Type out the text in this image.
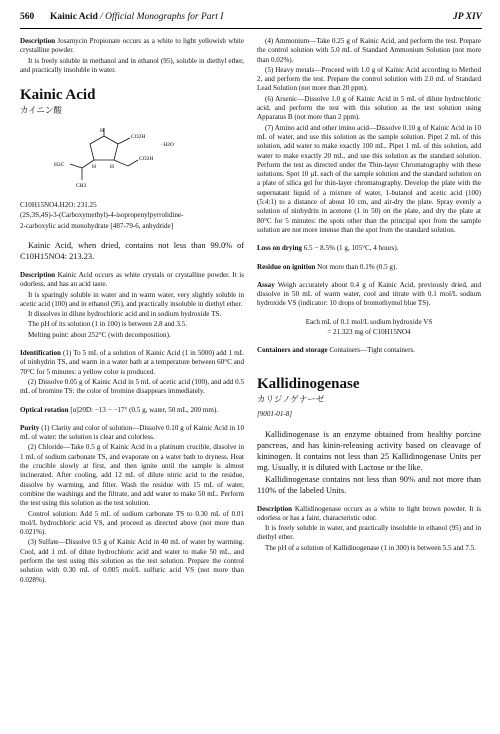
560 Kainic Acid / Official Monographs for Part I	JP XIV

Description Josamycin Propionate occurs as a white to light yellowish white crystalline powder.

It is freely soluble in methanol and in ethanol (95), soluble in diethyl ether, and practically insoluble in water.

Kainic Acid
カイニン酸
H
CO2H
· H2O
H	H
CO2H
H2C
CH3

C10H15NO4.H2O: 231.25

(2S,3S,4S)-3-(Carboxymethyl)-4-isopropenylpyrrolidine-

2-carboxylic acid monohydrate [487-79-6, anhydride]

Kainic Acid, when dried, contains not less than 99.0% of C10H15NO4: 213.23.

Description Kainic Acid occurs as white crystals or crystalline powder. It is odorless, and has an acid taste.

It is sparingly soluble in water and in warm water, very slightly soluble in acetic acid (100) and in ethanol (95), and practically insoluble in diethyl ether.

It dissolves in dilute hydrochloric acid and in sodium hydroxide TS.

The pH of its solution (1 in 100) is between 2.8 and 3.5.

Melting point: about 252°C (with decomposition).

Identification (1) To 5 mL of a solution of Kainic Acid (1 in 5000) add 1 mL of ninhydrin TS, and warm in a water bath at a temperature between 60°C and 70°C for 5 minutes: a yellow color is produced.

(2) Dissolve 0.05 g of Kainic Acid in 5 mL of acetic acid (100), and add 0.5 mL of bromine TS: the color of bromine disappears immediately.

Optical rotation [α]20D: −13 − −17° (0.5 g, water, 50 mL, 200 mm).

Purity (1) Clarity and color of solution—Dissolve 0.10 g of Kainic Acid in 10 mL of water: the solution is clear and colorless.

(2) Chloride—Take 0.5 g of Kainic Acid in a platinum crucible, dissolve in 1 mL of sodium carbonate TS, and evaporate on a water bath to dryness. Heat the crucible slowly at first, and then ignite until the sample is almost incinerated. After cooling, add 12 mL of dilute nitric acid to the residue, dissolve by warming, and filter. Wash the residue with 15 mL of water, combine the washings and the filtrate, and add water to make 50 mL. Perform the test using this solution as the test solution.

Control solution: Add 5 mL of sodium carbonate TS to 0.30 mL of 0.01 mol/L hydrochloric acid VS, and proceed as directed above (not more than 0.021%).

(3) Sulfate—Dissolve 0.5 g of Kainic Acid in 40 mL of water by warming. Cool, add 1 mL of dilute hydrochloric acid and water to make 50 mL, and perform the test using this solution as the test solution. Prepare the control solution with 0.30 mL of 0.005 mol/L sulfuric acid VS (not more than 0.028%).

(4) Ammonium—Take 0.25 g of Kainic Acid, and perform the test. Prepare the control solution with 5.0 mL of Standard Ammonium Solution (not more than 0.02%).

(5) Heavy metals—Proceed with 1.0 g of Kainic Acid according to Method 2, and perform the test. Prepare the control solution with 2.0 mL of Standard Lead Solution (not more than 20 ppm).

(6) Arsenic—Dissolve 1.0 g of Kainic Acid in 5 mL of dilute hydrochloric acid, and perform the test with this solution as the test solution using Apparatus B (not more than 2 ppm).

(7) Amino acid and other imino acid—Dissolve 0.10 g of Kainic Acid in 10 mL of water, and use this solution as the sample solution. Pipet 2 mL of this solution, add water to make exactly 100 mL. Pipet 1 mL of this solution, add water to make exactly 20 mL, and use this solution as the standard solution. Perform the test as directed under the Thin-layer Chromatography with these solutions. Spot 10 µL each of the sample solution and the standard solution on a plate of silica gel for thin-layer chromatography. Develop the plate with the supernatant liquid of a mixture of water, 1-butanol and acetic acid (100) (5:4:1) to a distance of about 10 cm, and air-dry the plate. Spray evenly a solution of ninhydrin in acetone (1 in 50) on the plate, and dry the plate at 80°C for 5 minutes: the spots other than the principal spot from the sample solution are not more intense than the spot from the standard solution.

Loss on drying 6.5 − 8.5% (1 g, 105°C, 4 hours).

Residue on ignition Not more than 0.1% (0.5 g).

Assay Weigh accurately about 0.4 g of Kainic Acid, previously dried, and dissolve in 50 mL of warm water, cool and titrate with 0.1 mol/L sodium hydroxide VS (indicator: 10 drops of bromothymol blue TS).

Each mL of 0.1 mol/L sodium hydroxide VS

= 21.323 mg of C10H15NO4

Containers and storage Containers—Tight containers.

Kallidinogenase
カリジノゲナーゼ

[9001-01-8]

Kallidinogenase is an enzyme obtained from healthy porcine pancreas, and has kinin-releasing activity based on cleavage of kininogen. It contains not less than 25 Kallidinogenase Units per mg. Usually, it is diluted with Lactose or the like.

Kallidinogenase contains not less than 90% and not more than 110% of the labeled Units.

Description Kallidinogenase occurs as a white to light brown powder. It is odorless or has a faint, characteristic odor.

It is freely soluble in water, and practically insoluble in ethanol (95) and in diethyl ether.

The pH of a solution of Kallidinogenase (1 in 300) is between 5.5 and 7.5.
